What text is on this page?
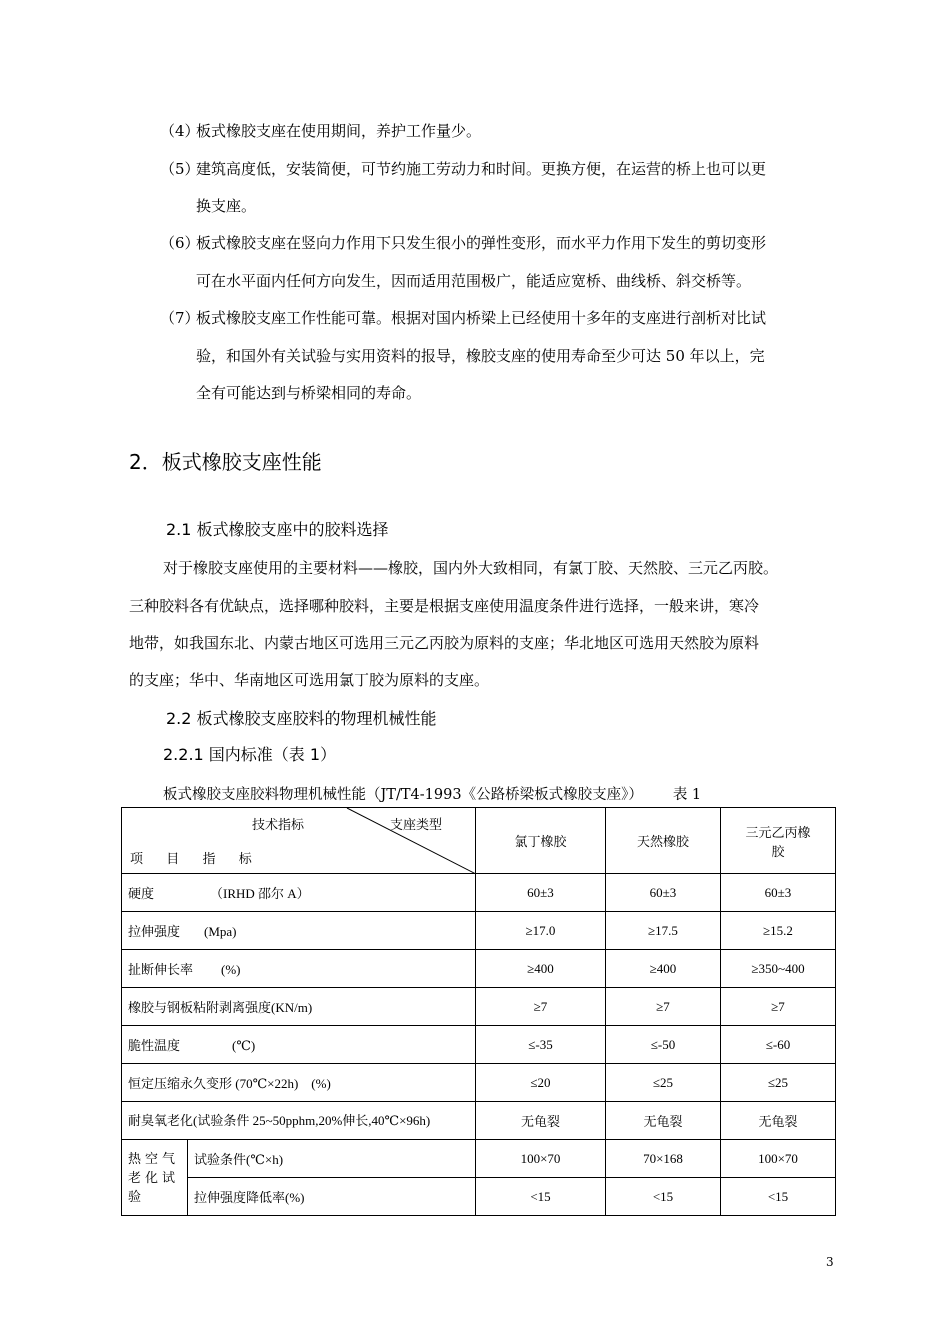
（4）
板式橡胶支座在使用期间，养护工作量少。
（5）
建筑高度低，安装简便，可节约施工劳动力和时间。更换方便，在运营的桥上也可以更
换支座。
（6）
板式橡胶支座在竖向力作用下只发生很小的弹性变形，而水平力作用下发生的剪切变形
可在水平面内任何方向发生，因而适用范围极广，能适应宽桥、曲线桥、斜交桥等。
（7）
板式橡胶支座工作性能可靠。根据对国内桥梁上已经使用十多年的支座进行剖析对比试
验，和国外有关试验与实用资料的报导，橡胶支座的使用寿命至少可达 50 年以上，完
全有可能达到与桥梁相同的寿命。
2．板式橡胶支座性能
2.1 板式橡胶支座中的胶料选择
对于橡胶支座使用的主要材料——橡胶，国内外大致相同，有氯丁胶、天然胶、三元乙丙胶。
三种胶料各有优缺点，选择哪种胶料，主要是根据支座使用温度条件进行选择，一般来讲，寒冷
地带，如我国东北、内蒙古地区可选用三元乙丙胶为原料的支座；华北地区可选用天然胶为原料
的支座；华中、华南地区可选用氯丁胶为原料的支座。
2.2 板式橡胶支座胶料的物理机械性能
2.2.1 国内标准（表 1）
板式橡胶支座胶料物理机械性能（JT/T4-1993《公路桥梁板式橡胶支座》） 表 1
技术指标 支座类型
项 目 指 标		氯丁橡胶	天然橡胶	三元乙丙橡胶
硬度 （IRHD 邵尔 A）		60±3	60±3	60±3
拉伸强度 (Mpa)		≥17.0	≥17.5	≥15.2
扯断伸长率 (%)		≥400	≥400	≥350~400
橡胶与钢板粘附剥离强度(KN/m)		≥7	≥7	≥7
脆性温度 (℃)		≤-35	≤-50	≤-60
恒定压缩永久变形 (70℃×22h)　(%)		≤20	≤25	≤25
耐臭氧老化(试验条件 25~50pphm,20%伸长,40℃×96h)		无龟裂	无龟裂	无龟裂
热空气老化试验	试验条件(℃×h)	100×70	70×168	100×70
	拉伸强度降低率(%)	<15	<15	<15
3
